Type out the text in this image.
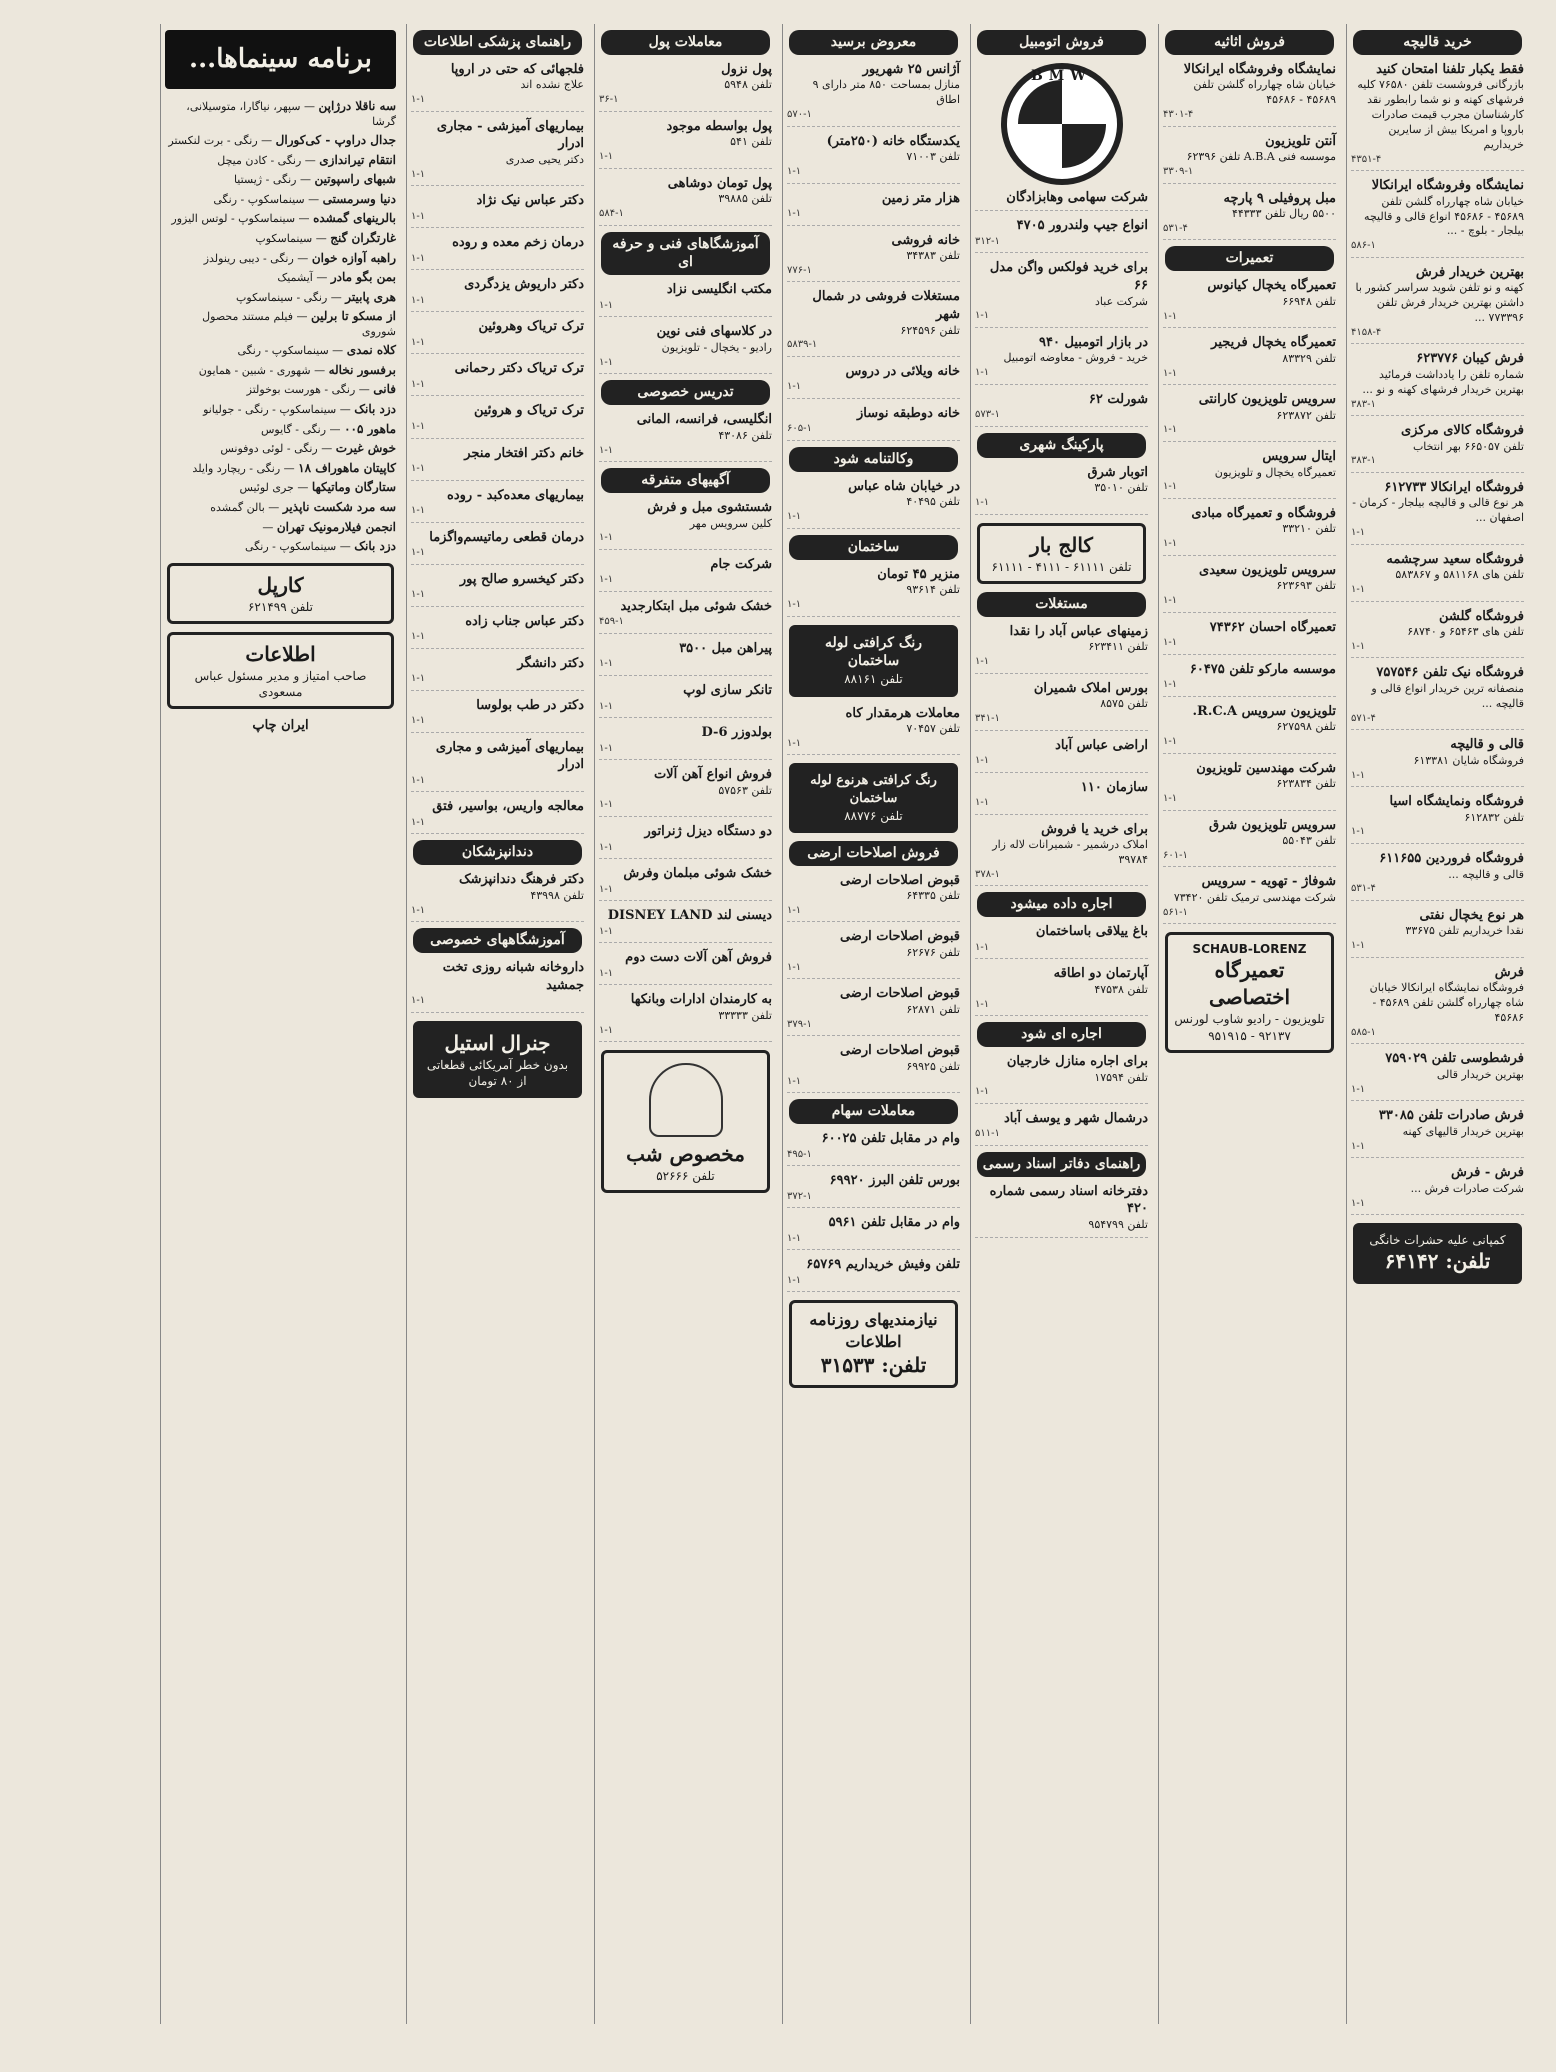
خرید قالیچه
فقط یکبار تلفنا امتحان کنید
بازرگانی فروشست تلفن ۷۶۵۸۰ کلیه فرشهای کهنه و نو شما رابطور نقد کارشناسان مجرب قیمت صادرات باروپا و امریکا بیش از سایرین خریداریم
۴۳۵۱-۴
نمایشگاه وفروشگاه ایرانکالا
خیابان شاه چهارراه گلشن تلفن ۴۵۶۸۹ - ۴۵۶۸۶ انواع قالی و قالیچه بیلجار - بلوچ - ...
۵۸۶-۱
بهترین خریدار فرش
کهنه و نو تلفن شوید سراسر کشور با داشتن بهترین خریدار فرش تلفن ۷۷۳۳۹۶ ...
۴۱۵۸-۴
فرش کیبان ۶۲۳۷۷۶
شماره تلفن را یادداشت فرمائید بهترین خریدار فرشهای کهنه و نو ...
۳۸۳-۱
فروشگاه کالای مرکزی
تلفن ۶۶۵۰۵۷ بهر انتخاب
۳۸۳-۱
فروشگاه ایرانکالا ۶۱۲۷۳۳
هر نوع قالی و قالیچه بیلجار - کرمان - اصفهان ...
۱-۱
فروشگاه سعید سرچشمه
تلفن های ۵۸۱۱۶۸ و ۵۸۳۸۶۷
۱-۱
فروشگاه گلشن
تلفن های ۶۵۴۶۳ و ۶۸۷۴۰
۱-۱
فروشگاه نیک تلفن ۷۵۷۵۴۶
منصفانه ترین خریدار انواع قالی و قالیچه ...
۵۷۱-۴
قالی و قالیچه
فروشگاه شایان ۶۱۳۳۸۱
۱-۱
فروشگاه ونمایشگاه اسیا
تلفن ۶۱۲۸۳۲
۱-۱
فروشگاه فروردین ۶۱۱۶۵۵
قالی و قالیچه ...
۵۳۱-۴
هر نوع یخچال نفتی
نقدا خریداریم تلفن ۳۳۶۷۵
۱-۱
فرش
فروشگاه نمایشگاه ایرانکالا خیابان شاه چهارراه گلشن تلفن ۴۵۶۸۹ - ۴۵۶۸۶
۵۸۵-۱
فرشطوسی تلفن ۷۵۹۰۲۹
بهترین خریدار قالی
۱-۱
فرش صادرات تلفن ۳۳۰۸۵
بهترین خریدار قالیهای کهنه
۱-۱
فرش - فرش
شرکت صادرات فرش ...
۱-۱
کمپانی علیه حشرات خانگی
تلفن: ۶۴۱۴۲
فروش اثاثیه
نمایشگاه وفروشگاه ایرانکالا
خیابان شاه چهارراه گلشن تلفن ۴۵۶۸۹ - ۴۵۶۸۶
۴۳۰۱-۴
آنتن تلویزیون
موسسه فنی A.B.A تلفن ۶۲۳۹۶
۳۳۰۹-۱
مبل پروفیلی ۹ پارچه
۵۵۰۰ ریال تلفن ۴۴۳۳۳
۵۳۱-۴
تعمیرات
تعمیرگاه یخچال کیانوس
تلفن ۶۶۹۴۸
۱-۱
تعمیرگاه یخچال فریجیر
تلفن ۸۳۳۲۹
۱-۱
سرویس تلویزیون کارانتی
تلفن ۶۲۳۸۷۲
۱-۱
ایتال سرویس
تعمیرگاه یخچال و تلویزیون
۱-۱
فروشگاه و تعمیرگاه مبادی
تلفن ۳۳۲۱۰
۱-۱
سرویس تلویزیون سعیدی
تلفن ۶۲۳۶۹۳
۱-۱
تعمیرگاه احسان ۷۴۳۶۲
۱-۱
موسسه مارکو تلفن ۶۰۴۷۵
۱-۱
تلویزیون سرویس R.C.A.
تلفن ۶۲۷۵۹۸
۱-۱
شرکت مهندسین تلویزیون
تلفن ۶۲۳۸۳۴
۱-۱
سرویس تلویزیون شرق
تلفن ۵۵۰۴۳
۶۰۱-۱
شوفاژ - تهویه - سرویس
شرکت مهندسی ترمیک تلفن ۷۳۴۲۰
۵۶۱-۱
SCHAUB-LORENZ
تعمیرگاه اختصاصی
تلویزیون - رادیو شاوب لورنس ۹۲۱۳۷ - ۹۵۱۹۱۵
فروش اتومبیل
BMW
شرکت سهامی وهابزادگان
انواع جیپ ولندرور ۴۷۰۵
۳۱۲-۱
برای خرید فولکس واگن مدل ۶۶
شرکت عباد
۱-۱
در بازار اتومبیل ۹۴۰
خرید - فروش - معاوضه اتومبیل
۱-۱
شورلت ۶۲
۵۷۳-۱
پارکینگ شهری
اتوبار شرق
تلفن ۳۵۰۱۰
۱-۱
کالج بار
تلفن ۶۱۱۱۱ - ۴۱۱۱ - ۶۱۱۱۱
مستغلات
زمینهای عباس آباد را نقدا
تلفن ۶۲۳۴۱۱
۱-۱
بورس املاک شمیران
تلفن ۸۵۷۵
۳۴۱-۱
اراضی عباس آباد
۱-۱
سازمان ۱۱۰
۱-۱
برای خرید یا فروش
املاک درشمیر - شمیرانات لاله زار ۳۹۷۸۴
۳۷۸-۱
اجاره داده میشود
باغ ییلاقی باساختمان
۱-۱
آپارتمان دو اطاقه
تلفن ۴۷۵۳۸
۱-۱
اجاره ای شود
برای اجاره منازل خارجیان
تلفن ۱۷۵۹۴
۱-۱
درشمال شهر و یوسف آباد
۵۱۱-۱
راهنمای دفاتر اسناد رسمی
دفترخانه اسناد رسمی شماره ۴۲۰
تلفن ۹۵۴۷۹۹
معروض برسید
آژانس ۲۵ شهریور
منازل بمساحت ۸۵۰ متر دارای ۹ اطاق
۵۷۰-۱
یکدستگاه خانه (۲۵۰متر)
تلفن ۷۱۰۰۳
۱-۱
هزار متر زمین
۱-۱
خانه فروشی
تلفن ۳۴۳۸۳
۷۷۶-۱
مستغلات فروشی در شمال شهر
تلفن ۶۲۴۵۹۶
۵۸۳۹-۱
خانه ویلائی در دروس
۱-۱
خانه دوطبقه نوساز
۶۰۵-۱
وکالتنامه شود
در خیابان شاه عباس
تلفن ۴۰۴۹۵
۱-۱
ساختمان
منزیر ۴۵ تومان
تلفن ۹۳۶۱۴
۱-۱
رنگ کرافتی لوله ساختمان
تلفن ۸۸۱۶۱
معاملات هرمقدار کاه
تلفن ۷۰۴۵۷
۱-۱
رنگ کرافتی هرنوع لوله ساختمان
تلفن ۸۸۷۷۶
فروش اصلاحات ارضی
قبوض اصلاحات ارضی
تلفن ۶۴۳۳۵
۱-۱
قبوض اصلاحات ارضی
تلفن ۶۲۶۷۶
۱-۱
قبوض اصلاحات ارضی
تلفن ۶۲۸۷۱
۳۷۹-۱
قبوض اصلاحات ارضی
تلفن ۶۹۹۲۵
۱-۱
معاملات سهام
وام در مقابل تلفن ۶۰۰۲۵
۴۹۵-۱
بورس تلفن البرز ۶۹۹۲۰
۳۷۲-۱
وام در مقابل تلفن ۵۹۶۱
۱-۱
تلفن وفیش خریداریم ۶۵۷۶۹
۱-۱
نیازمندیهای روزنامه اطلاعات
تلفن: ۳۱۵۳۳
معاملات پول
پول نزول
تلفن ۵۹۴۸
۳۶-۱
پول بواسطه موجود
تلفن ۵۴۱
۱-۱
پول تومان دوشاهی
تلفن ۳۹۸۸۵
۵۸۴-۱
آموزشگاهای فنی و حرفه ای
مکتب انگلیسی نزاد
۱-۱
در کلاسهای فنی نوین
رادیو - یخچال - تلویزیون
۱-۱
تدریس خصوصی
انگلیسی، فرانسه، المانی
تلفن ۴۳۰۸۶
۱-۱
آگهیهای متفرقه
شستشوی مبل و فرش
کلین سرویس مهر
۱-۱
شرکت جام
۱-۱
خشک شوئی مبل ابتکارجدید
۴۵۹-۱
پیراهن مبل ۳۵۰۰
۱-۱
تانکر سازی لوپ
۱-۱
بولدوزر D-6
۱-۱
فروش انواع آهن آلات
تلفن ۵۷۵۶۳
۱-۱
دو دستگاه دیزل ژنراتور
۱-۱
خشک شوئی مبلمان وفرش
۱-۱
دیسنی لند DISNEY LAND
۱-۱
فروش آهن آلات دست دوم
۱-۱
به کارمندان ادارات وبانکها
تلفن ۳۳۳۳۳
۱-۱
مخصوص شب
تلفن ۵۲۶۶۶
راهنمای پزشکی اطلاعات
فلجهائی که حتی در اروپا
علاج نشده اند
۱-۱
بیماریهای آمیزشی - مجاری ادرار
دکتر یحیی صدری
۱-۱
دکتر عباس نیک نژاد
۱-۱
درمان زخم معده و روده
۱-۱
دکتر داریوش یزدگردی
۱-۱
ترک تریاک وهروئین
۱-۱
ترک تریاک دکتر رحمانی
۱-۱
ترک تریاک و هروئین
۱-۱
خانم دکتر افتخار منجر
۱-۱
بیماریهای معده‌کبد - روده
۱-۱
درمان قطعی رماتیسم‌واگزما
۱-۱
دکتر کیخسرو صالح پور
۱-۱
دکتر عباس جناب زاده
۱-۱
دکتر دانشگر
۱-۱
دکتر در طب بولوسا
۱-۱
بیماریهای آمیزشی و مجاری ادرار
۱-۱
معالجه واریس، بواسیر، فتق
۱-۱
دندانپزشکان
دکتر فرهنگ دندانپزشک
تلفن ۴۳۹۹۸
۱-۱
آموزشگاههای خصوصی
داروخانه شبانه روزی تخت جمشید
۱-۱
جنرال استیل
بدون خطر آمریکائی قطعاتی از ۸۰ تومان
برنامه سینماها...
سه ناقلا درژاپن — سپهر، نیاگارا، متوسیلانی، گرشا
جدال دراوپ - کی‌کورال — رنگی - برت لنکستر
انتقام تیراندازی — رنگی - کادن میچل
شبهای راسپوتین — رنگی - ژیستیا
دنیا وسرمستی — سینماسکوپ - رنگی
بالرینهای گمشده — سینماسکوپ - لوتس الیزور
غارتگران گنج — سینماسکوپ
راهبه آوازه خوان — رنگی - دیبی رینولدز
بمن بگو مادر — آیشمیک
هری پابیتر — رنگی - سینماسکوپ
از مسکو تا برلین — فیلم مستند محصول شوروی
کلاه نمدی — سینماسکوپ - رنگی
برفسور نخاله — شهوری - شبین - همایون
فانی — رنگی - هورست بوخولتز
دزد بانک — سینماسکوپ - رنگی - جولیانو
ماهور ۰۰۵ — رنگی - گایوس
خوش غیرت — رنگی - لوئی دوفونس
کاپیتان ماهوراف ۱۸ — رنگی - ریچارد وایلد
ستارگان وماتیکها — جری لوئیس
سه مرد شکست ناپذیر — بالن گمشده
انجمن فیلارمونیک تهران —
دزد بانک — سینماسکوپ - رنگی
کارپل
تلفن ۶۲۱۴۹۹
اطلاعات
صاحب امتیاز و مدیر مسئول عباس مسعودی
ایران چاپ
